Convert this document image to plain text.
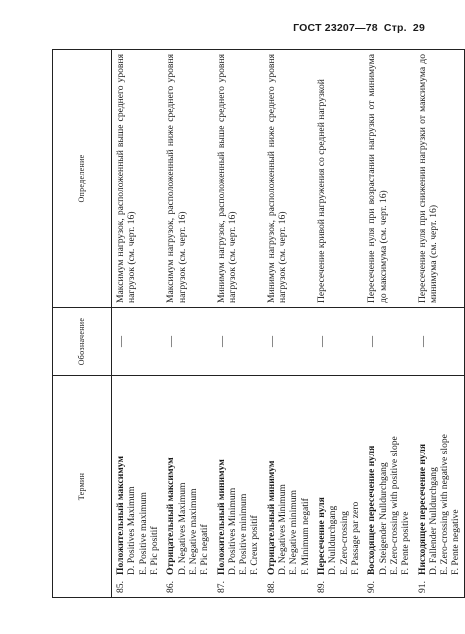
ГОСТ 23207—78 Стр. 29
Термин	Обозначение	Определение

85.Положительный максимум D. Positives Maximum E. Positive maximum F. Pic positif	—	Максимум нагрузок, расположенный выше среднего уровня нагрузок (см. черт. 16)

86.Отрицательный максимум D. Negatives Maximum E. Negative maximum F. Pic negatif	—	Максимум нагрузок, расположенный ниже среднего уровня нагрузок (см. черт. 16)

87.Положительный минимум D. Positives Minimum E. Positive minimum F. Creux positif	—	Минимум нагрузок, расположенный выше среднего уровня нагрузок (см. черт. 16)

88.Отрицательный минимум D. Negatives Minimum E. Negative minimum F. Minimum negatif	—	Минимум нагрузок, расположенный ниже среднего уровня нагрузок (см. черт. 16)

89.Пересечение нуля D. Nulldurchgang E. Zero-crossing F. Passage par zero	—	Пересечение кривой нагружения со средней нагрузкой

90.Восходящее пересечение нуля D. Steigender Nulldurchgang E. Zero-crossing with positive slope F. Pente positive	—	Пересечение нуля при возрастании нагрузки от минимума до максимума (см. черт. 16)

91.Нисходящее пересечение нуля D. Fallender Nulldurchgang E. Zero-crossing with negative slope F. Pente negative	—	Пересечение нуля при снижении нагрузки от максимума до минимума (см. черт. 16)
